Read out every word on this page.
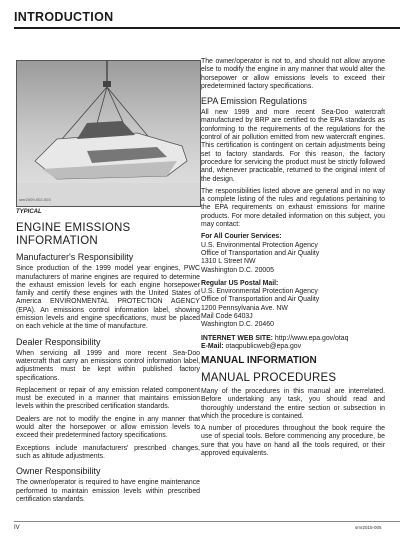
INTRODUCTION
smr2009-002-003
TYPICAL
ENGINE EMISSIONS INFORMATION
Manufacturer's Responsibility

Since production of the 1999 model year engines, PWC manufacturers of marine engines are required to determine the exhaust emission levels for each engine horsepower family and certify these engines with the United States of America ENVIRONMENTAL PROTECTION AGENCY (EPA). An emissions control information label, showing emission levels and engine specifications, must be placed on each vehicle at the time of manufacture.

Dealer Responsibility

When servicing all 1999 and more recent Sea-Doo watercraft that carry an emissions control information label, adjustments must be kept within published factory specifications.

Replacement or repair of any emission related component must be executed in a manner that maintains emission levels within the prescribed certification standards.

Dealers are not to modify the engine in any manner that would alter the horsepower or allow emission levels to exceed their predetermined factory specifications.

Exceptions include manufacturers' prescribed changes, such as altitude adjustments.

Owner Responsibility

The owner/operator is required to have engine maintenance performed to maintain emission levels within prescribed certification standards.

The owner/operator is not to, and should not allow anyone else to modify the engine in any manner that would alter the horsepower or allow emissions levels to exceed their predetermined factory specifications.

EPA Emission Regulations

All new 1999 and more recent Sea-Doo watercraft manufactured by BRP are certified to the EPA standards as conforming to the requirements of the regulations for the control of air pollution emitted from new watercraft engines. This certification is contingent on certain adjustments being set to factory standards. For this reason, the factory procedure for servicing the product must be strictly followed and, whenever practicable, returned to the original intent of the design.

The responsibilities listed above are general and in no way a complete listing of the rules and regulations pertaining to the EPA requirements on exhaust emissions for marine products. For more detailed information on this subject, you may contact:

For All Courier Services:
U.S. Environmental Protection Agency
Office of Transportation and Air Quality
1310 L Street NW
Washington D.C. 20005
Regular US Postal Mail:
U.S. Environmental Protection Agency
Office of Transportation and Air Quality
1200 Pennsylvania Ave. NW
Mail Code 6403J
Washington D.C. 20460
INTERNET WEB SITE: http://www.epa.gov/otaq
E-Mail: otaqpublicweb@epa.gov
MANUAL INFORMATION
MANUAL PROCEDURES

Many of the procedures in this manual are interrelated. Before undertaking any task, you should read and thoroughly understand the entire section or subsection in which the procedure is contained.

A number of procedures throughout the book require the use of special tools. Before commencing any procedure, be sure that you have on hand all the tools required, or their approved equivalents.

IV	smr2015-005
